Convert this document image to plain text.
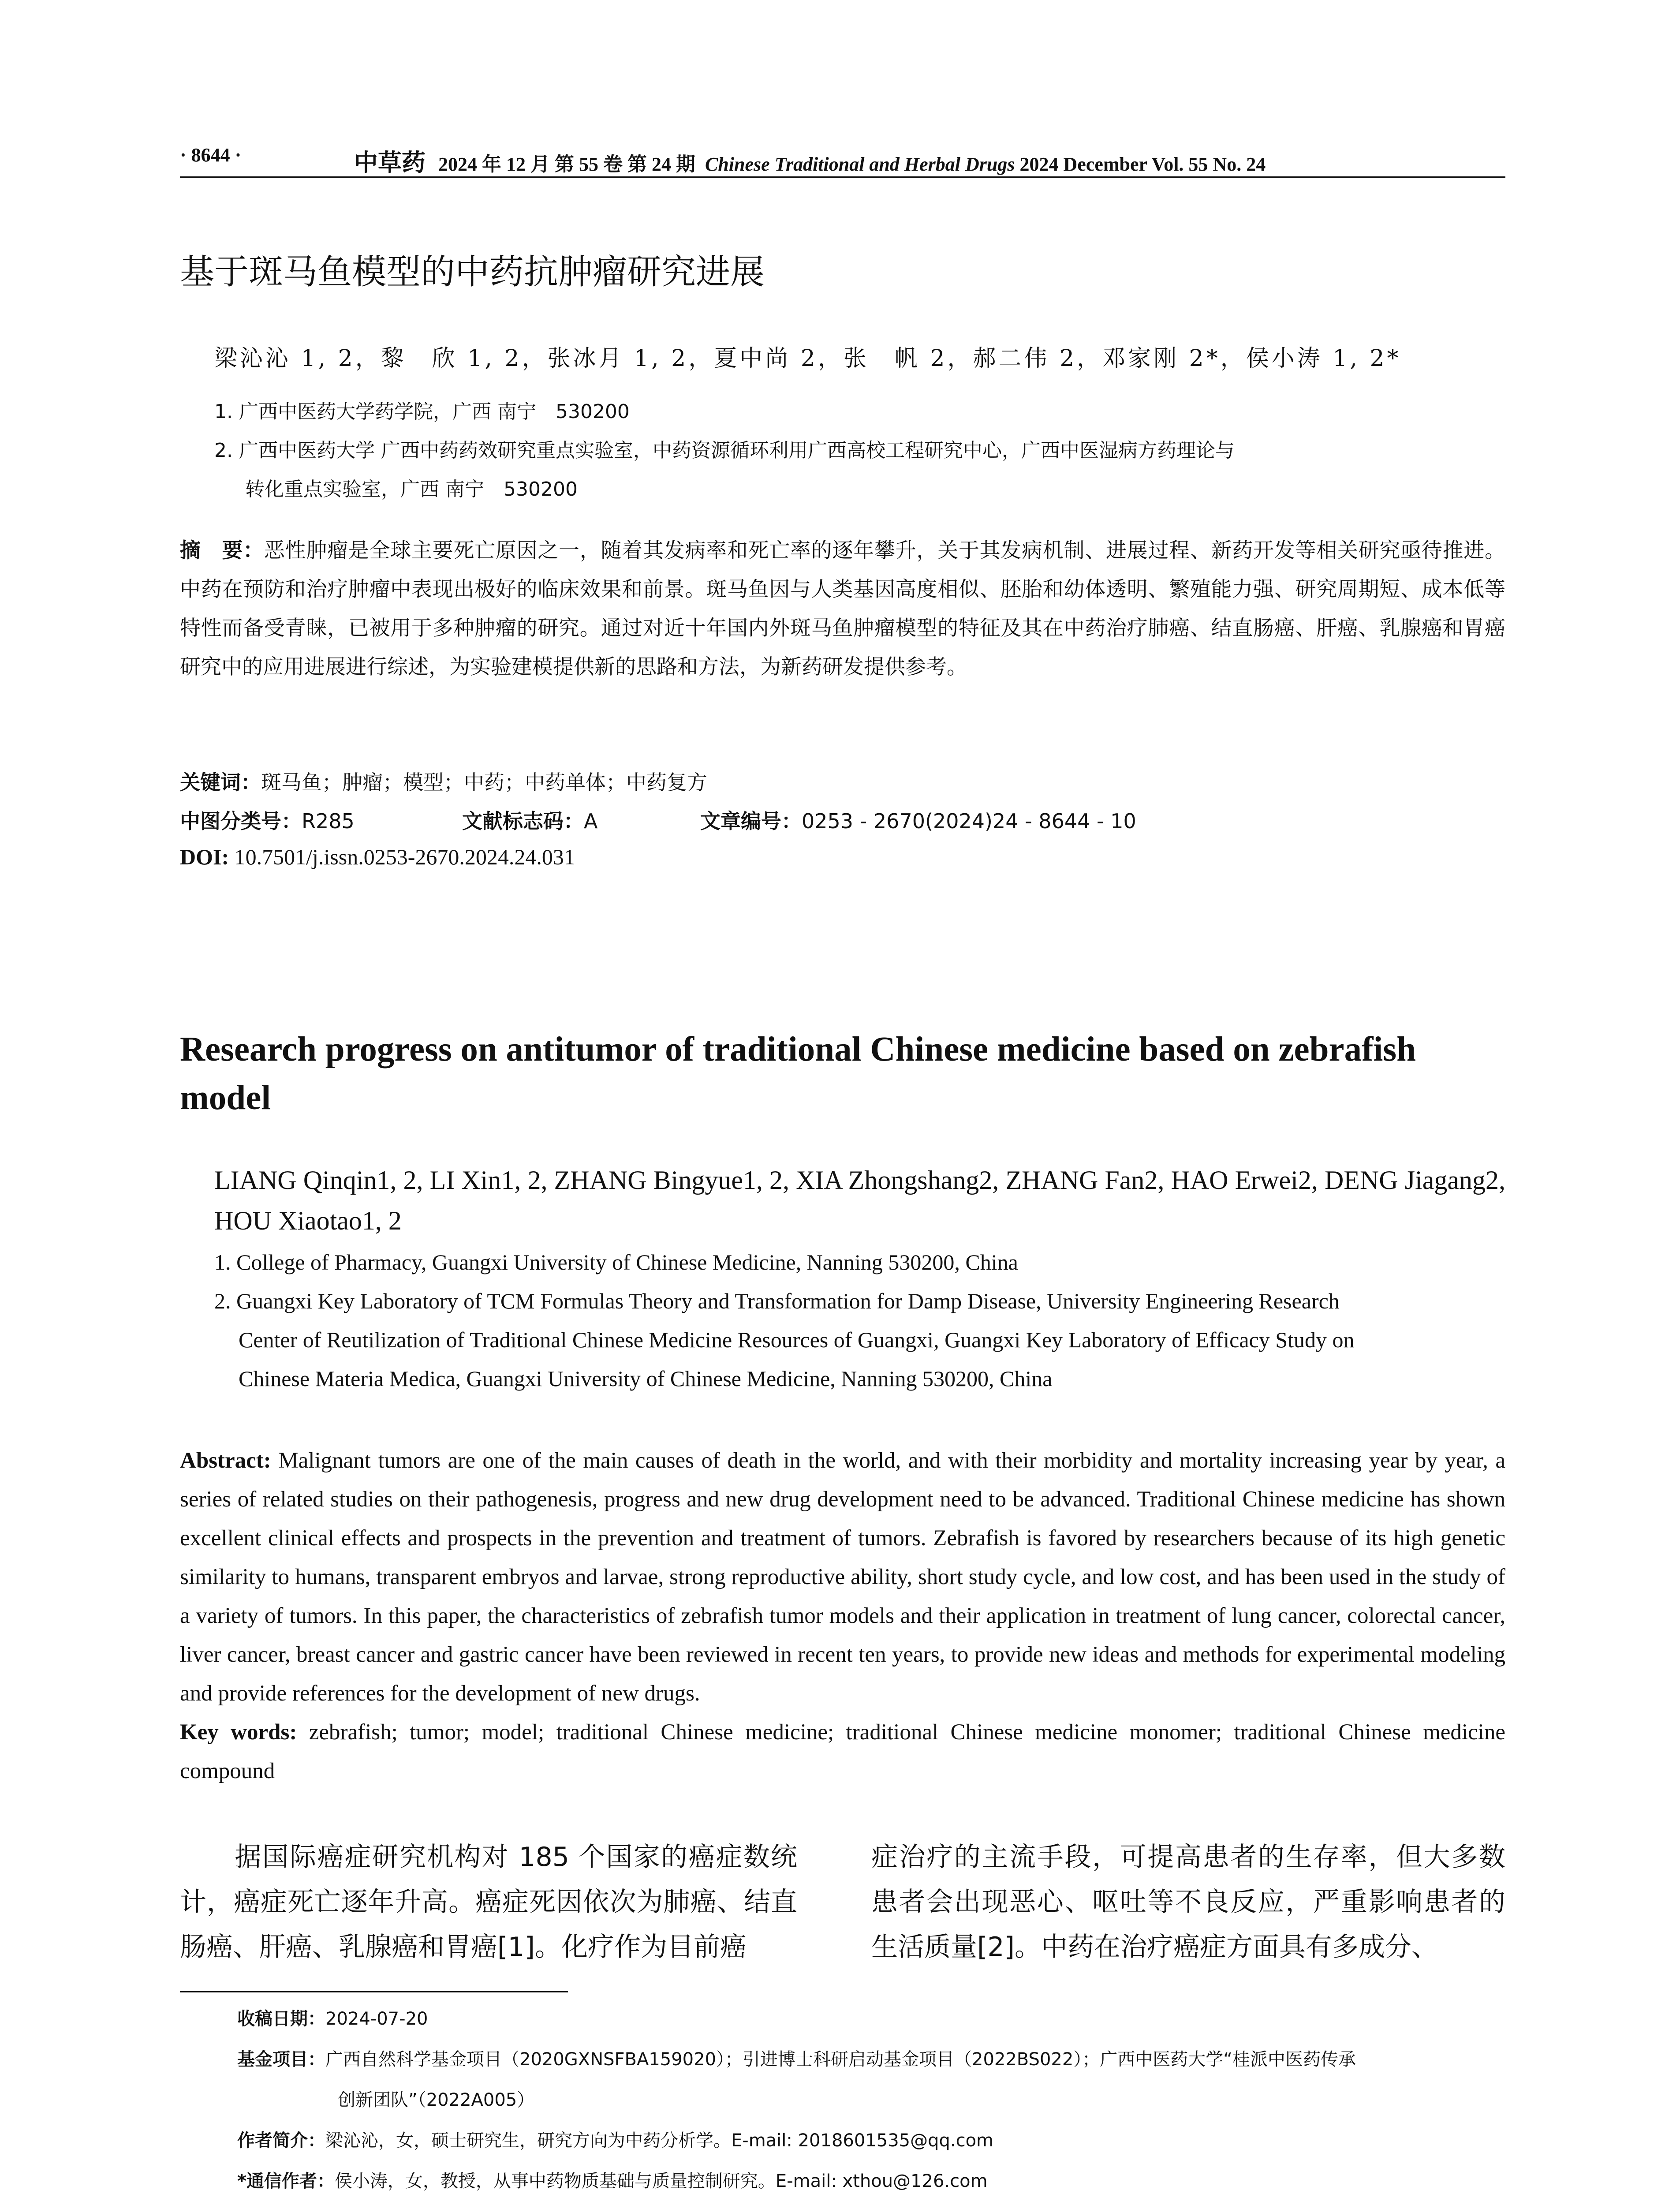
· 8644 ·	中草药 2024 年 12 月 第 55 卷 第 24 期 Chinese Traditional and Herbal Drugs 2024 December Vol. 55 No. 24
基于斑马鱼模型的中药抗肿瘤研究进展
梁沁沁 1, 2，黎　欣 1, 2，张冰月 1, 2，夏中尚 2，张　帆 2，郝二伟 2，邓家刚 2*，侯小涛 1, 2*
1. 广西中医药大学药学院，广西 南宁　530200
2. 广西中医药大学 广西中药药效研究重点实验室，中药资源循环利用广西高校工程研究中心，广西中医湿病方药理论与
转化重点实验室，广西 南宁　530200
摘　要：恶性肿瘤是全球主要死亡原因之一，随着其发病率和死亡率的逐年攀升，关于其发病机制、进展过程、新药开发等相关研究亟待推进。中药在预防和治疗肿瘤中表现出极好的临床效果和前景。斑马鱼因与人类基因高度相似、胚胎和幼体透明、繁殖能力强、研究周期短、成本低等特性而备受青睐，已被用于多种肿瘤的研究。通过对近十年国内外斑马鱼肿瘤模型的特征及其在中药治疗肺癌、结直肠癌、肝癌、乳腺癌和胃癌研究中的应用进展进行综述，为实验建模提供新的思路和方法，为新药研发提供参考。
关键词：斑马鱼；肿瘤；模型；中药；中药单体；中药复方
中图分类号：R285	文献标志码：A	文章编号：0253 - 2670(2024)24 - 8644 - 10
DOI: 10.7501/j.issn.0253-2670.2024.24.031
Research progress on antitumor of traditional Chinese medicine based on zebrafish model
LIANG Qinqin1, 2, LI Xin1, 2, ZHANG Bingyue1, 2, XIA Zhongshang2, ZHANG Fan2, HAO Erwei2, DENG Jiagang2, HOU Xiaotao1, 2
1. College of Pharmacy, Guangxi University of Chinese Medicine, Nanning 530200, China
2. Guangxi Key Laboratory of TCM Formulas Theory and Transformation for Damp Disease, University Engineering Research
Center of Reutilization of Traditional Chinese Medicine Resources of Guangxi, Guangxi Key Laboratory of Efficacy Study on
Chinese Materia Medica, Guangxi University of Chinese Medicine, Nanning 530200, China
Abstract: Malignant tumors are one of the main causes of death in the world, and with their morbidity and mortality increasing year by year, a series of related studies on their pathogenesis, progress and new drug development need to be advanced. Traditional Chinese medicine has shown excellent clinical effects and prospects in the prevention and treatment of tumors. Zebrafish is favored by researchers because of its high genetic similarity to humans, transparent embryos and larvae, strong reproductive ability, short study cycle, and low cost, and has been used in the study of a variety of tumors. In this paper, the characteristics of zebrafish tumor models and their application in treatment of lung cancer, colorectal cancer, liver cancer, breast cancer and gastric cancer have been reviewed in recent ten years, to provide new ideas and methods for experimental modeling and provide references for the development of new drugs.
Key words: zebrafish; tumor; model; traditional Chinese medicine; traditional Chinese medicine monomer; traditional Chinese medicine compound
　　据国际癌症研究机构对 185 个国家的癌症数统计，癌症死亡逐年升高。癌症死因依次为肺癌、结直肠癌、肝癌、乳腺癌和胃癌[1]。化疗作为目前癌
症治疗的主流手段，可提高患者的生存率，但大多数患者会出现恶心、呕吐等不良反应，严重影响患者的生活质量[2]。中药在治疗癌症方面具有多成分、
收稿日期：2024-07-20
基金项目：广西自然科学基金项目（2020GXNSFBA159020）；引进博士科研启动基金项目（2022BS022）；广西中医药大学“桂派中医药传承
创新团队”（2022A005）
作者简介：梁沁沁，女，硕士研究生，研究方向为中药分析学。E-mail: 2018601535@qq.com
*通信作者：侯小涛，女，教授，从事中药物质基础与质量控制研究。E-mail: xthou@126.com
